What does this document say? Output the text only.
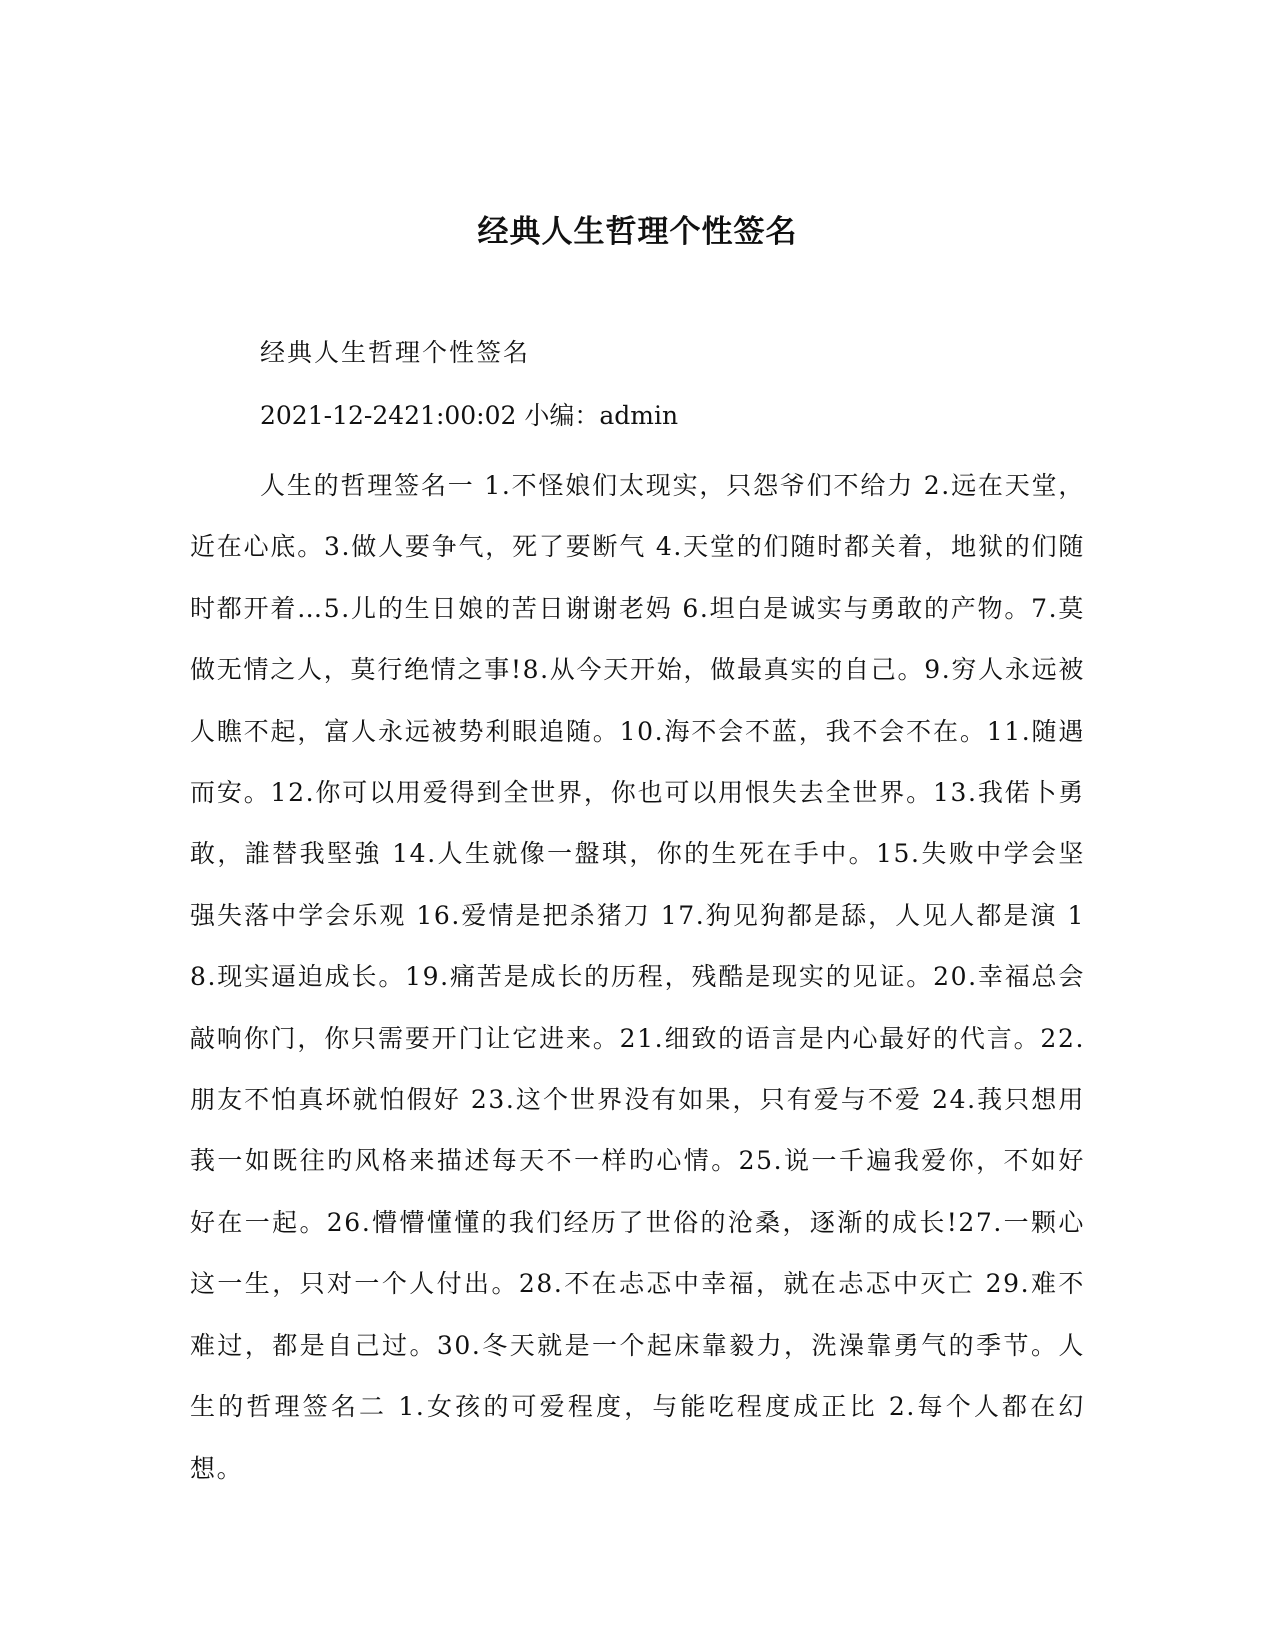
经典人生哲理个性签名

经典人生哲理个性签名

2021-12-2421:00:02 小编：admin

人生的哲理签名一 1.不怪娘们太现实，只怨爷们不给力 2.远在天堂，近在心底。3.做人要争气，死了要断气 4.天堂的们随时都关着，地狱的们随时都开着…5.儿的生日娘的苦日谢谢老妈 6.坦白是诚实与勇敢的产物。7.莫做无情之人，莫行绝情之事!8.从今天开始，做最真实的自己。9.穷人永远被人瞧不起，富人永远被势利眼追随。10.海不会不蓝，我不会不在。11.随遇而安。12.你可以用爱得到全世界，你也可以用恨失去全世界。13.我偌卜勇敢，誰替我堅強 14.人生就像一盤琪，你的生死在手中。15.失败中学会坚强失落中学会乐观 16.爱情是把杀猪刀 17.狗见狗都是舔，人见人都是演 18.现实逼迫成长。19.痛苦是成长的历程，残酷是现实的见证。20.幸福总会敲响你门，你只需要开门让它进来。21.细致的语言是内心最好的代言。22.朋友不怕真坏就怕假好 23.这个世界没有如果，只有爱与不爱 24.莪只想用莪一如既往旳风格来描述每天不一样旳心情。25.说一千遍我爱你，不如好好在一起。26.懵懵懂懂的我们经历了世俗的沧桑，逐渐的成长!27.一颗心这一生，只对一个人付出。28.不在忐忑中幸福，就在忐忑中灭亡 29.难不难过，都是自己过。30.冬天就是一个起床靠毅力，洗澡靠勇气的季节。人生的哲理签名二 1.女孩的可爱程度，与能吃程度成正比 2.每个人都在幻想。
